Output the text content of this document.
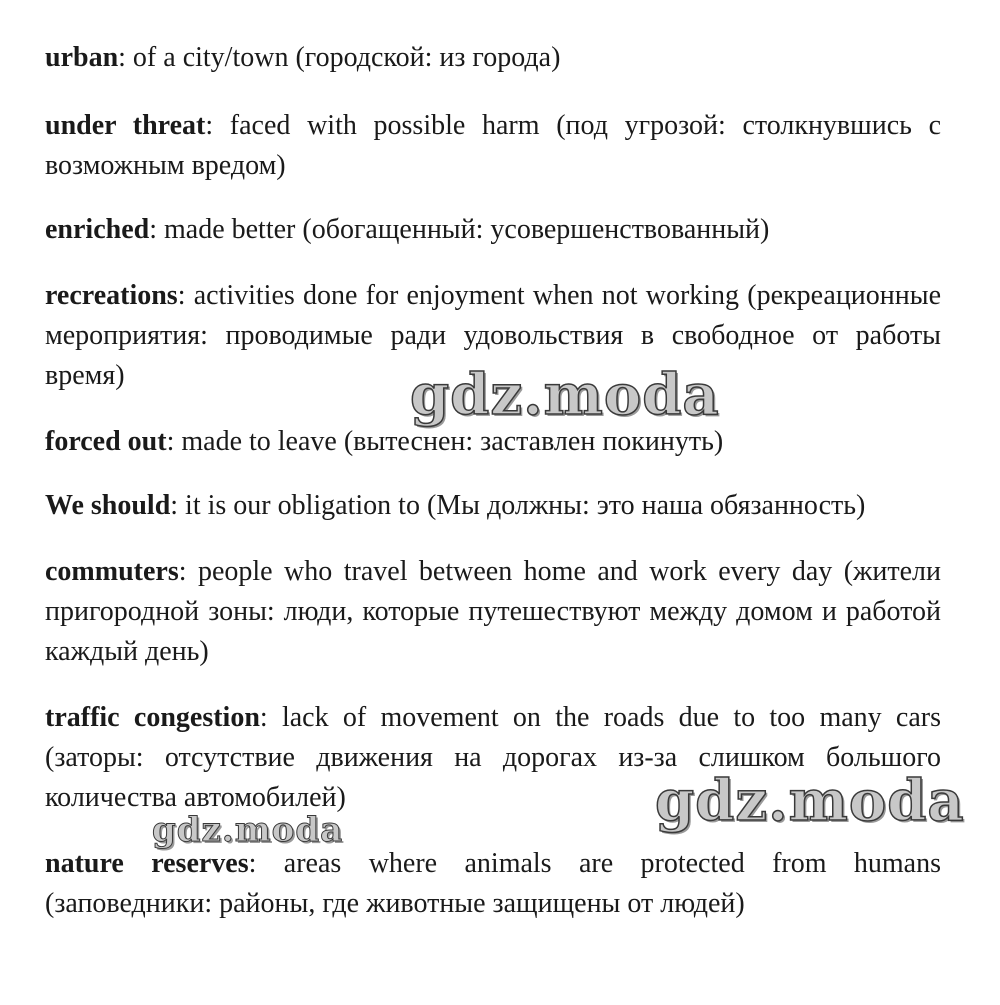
urban: of a city/town (городской: из города)

under threat: faced with possible harm (под угрозой: столкнувшись с возможным вредом)

enriched: made better (обогащенный: усовершенствованный)

recreations: activities done for enjoyment when not working (рекреационные мероприятия: проводимые ради удовольствия в свободное от работы время)

forced out: made to leave (вытеснен: заставлен покинуть)

We should: it is our obligation to (Мы должны: это наша обязанность)

commuters: people who travel between home and work every day (жители пригородной зоны: люди, которые путешествуют между домом и работой каждый день)

traffic congestion: lack of movement on the roads due to too many cars (заторы: отсутствие движения на дорогах из-за слишком большого количества автомобилей)

nature reserves: areas where animals are protected from humans (заповедники: районы, где животные защищены от людей)

gdz.moda
gdz.moda
gdz.moda
